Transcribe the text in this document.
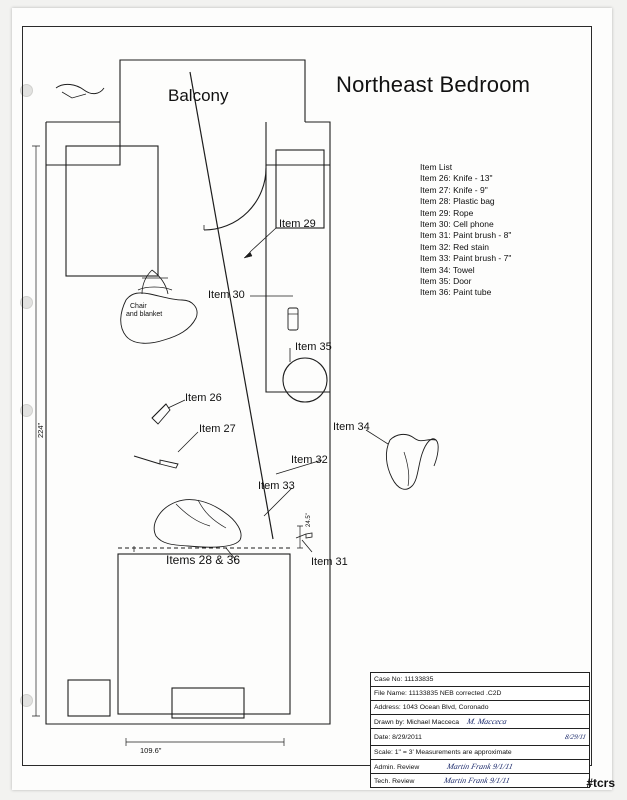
Northeast Bedroom
Balcony
Item List
Item 26: Knife - 13"
Item 27: Knife - 9"
Item 28: Plastic bag
Item 29: Rope
Item 30: Cell phone
Item 31: Paint brush - 8"
Item 32: Red stain
Item 33: Paint brush - 7"
Item 34: Towel
Item 35: Door
Item 36: Paint tube
Item 29
Item 30
Item 35
Item 26
Item 27	Item 34
Item 32
Item 33
Items 28 & 36	Item 31
Chair
and blanket
109.6"
224"
24.5"
Case No: 11133835
File Name: 11133835 NEB corrected .C2D
Address: 1043 Ocean Blvd, Coronado
Drawn by: Michael Macceca M. Macceca
Date: 8/29/2011	8/29/11
Scale: 1" = 3' Measurements are approximate
Admin. Review	Martin Frank 9/1/11
Tech. Review	Martin Frank 9/1/11	#tcrs
